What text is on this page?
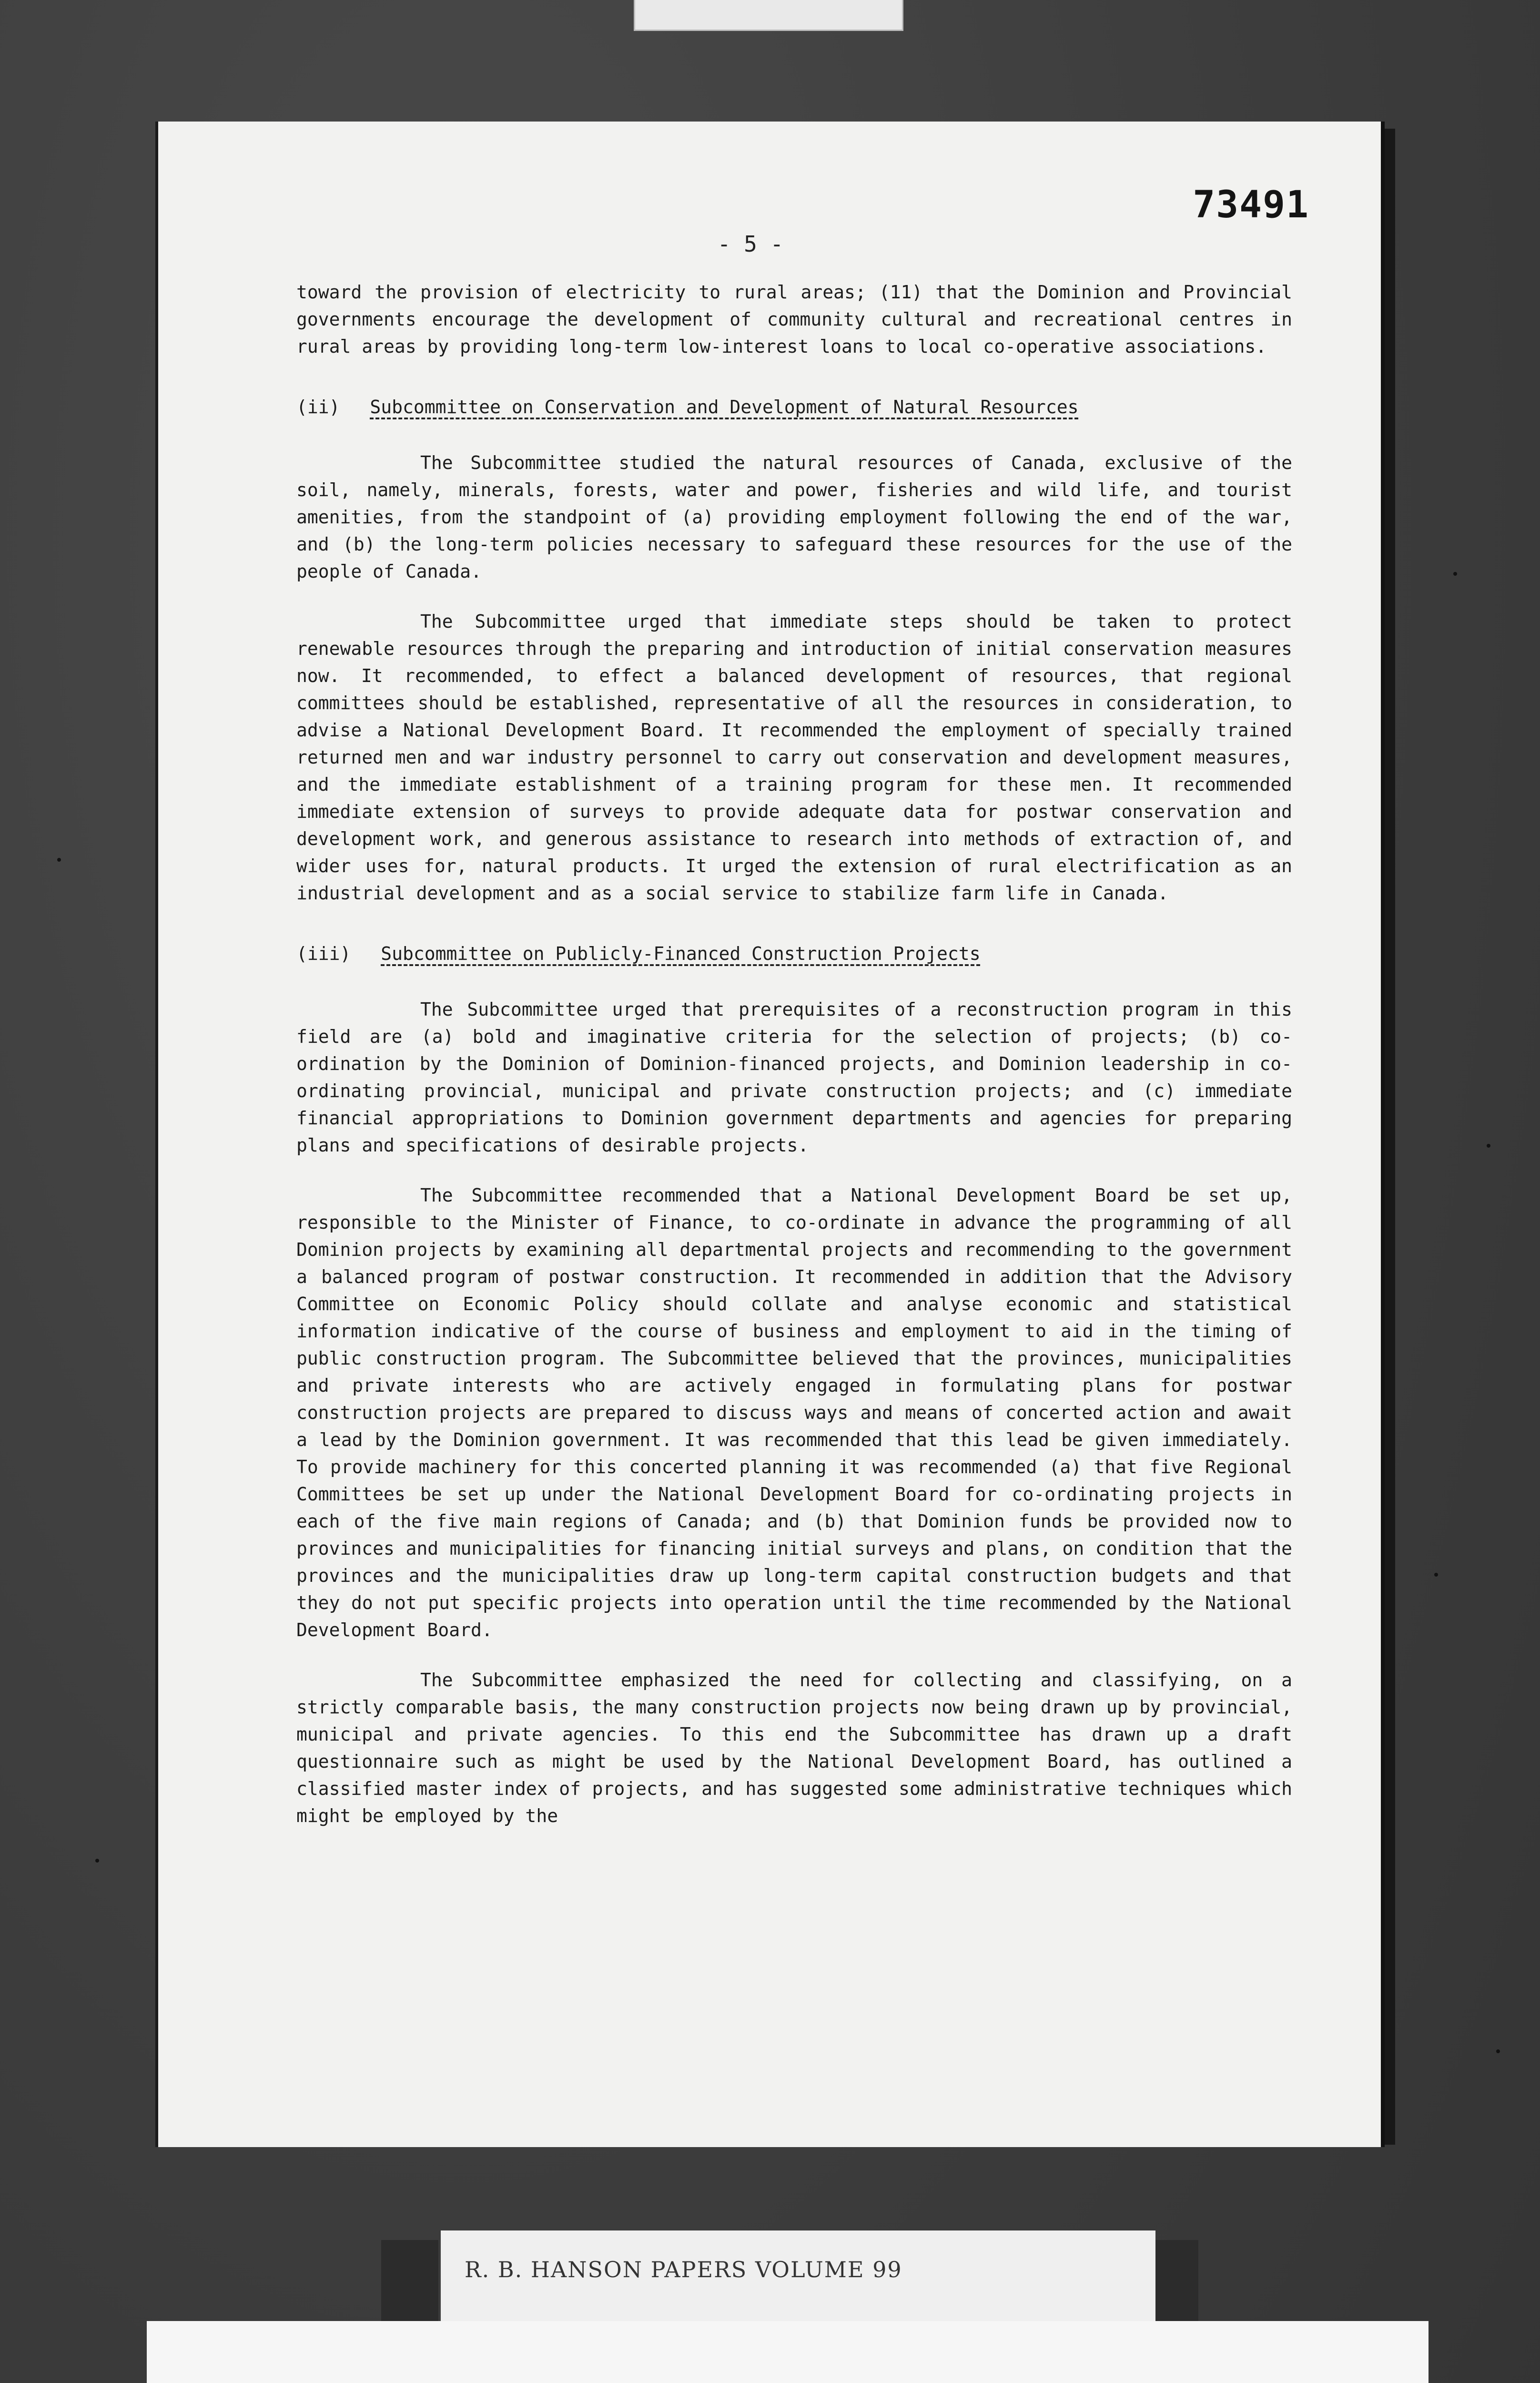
73491
- 5 -

toward the provision of electricity to rural areas; (11) that the Dominion and Provincial governments encourage the development of community cultural and recreational centres in rural areas by providing long-term low-interest loans to local co-operative associations.

(ii) Subcommittee on Conservation and Development of Natural Resources

The Subcommittee studied the natural resources of Canada, exclusive of the soil, namely, minerals, forests, water and power, fisheries and wild life, and tourist amenities, from the standpoint of (a) providing employment following the end of the war, and (b) the long-term policies necessary to safeguard these resources for the use of the people of Canada.

The Subcommittee urged that immediate steps should be taken to protect renewable resources through the preparing and introduction of initial conservation measures now. It recommended, to effect a balanced development of resources, that regional committees should be established, representative of all the resources in consideration, to advise a National Development Board. It recommended the employment of specially trained returned men and war industry personnel to carry out conservation and development measures, and the immediate establishment of a training program for these men. It recommended immediate extension of surveys to provide adequate data for postwar conservation and development work, and generous assistance to research into methods of extraction of, and wider uses for, natural products. It urged the extension of rural electrification as an industrial development and as a social service to stabilize farm life in Canada.

(iii) Subcommittee on Publicly-Financed Construction Projects

The Subcommittee urged that prerequisites of a reconstruction program in this field are (a) bold and imaginative criteria for the selection of projects; (b) co-ordination by the Dominion of Dominion-financed projects, and Dominion leadership in co-ordinating provincial, municipal and private construction projects; and (c) immediate financial appropriations to Dominion government departments and agencies for preparing plans and specifications of desirable projects.

The Subcommittee recommended that a National Development Board be set up, responsible to the Minister of Finance, to co-ordinate in advance the programming of all Dominion projects by examining all departmental projects and recommending to the government a balanced program of postwar construction. It recommended in addition that the Advisory Committee on Economic Policy should collate and analyse economic and statistical information indicative of the course of business and employment to aid in the timing of public construction program. The Subcommittee believed that the provinces, municipalities and private interests who are actively engaged in formulating plans for postwar construction projects are prepared to discuss ways and means of concerted action and await a lead by the Dominion government. It was recommended that this lead be given immediately. To provide machinery for this concerted planning it was recommended (a) that five Regional Committees be set up under the National Development Board for co-ordinating projects in each of the five main regions of Canada; and (b) that Dominion funds be provided now to provinces and municipalities for financing initial surveys and plans, on condition that the provinces and the municipalities draw up long-term capital construction budgets and that they do not put specific projects into operation until the time recommended by the National Development Board.

The Subcommittee emphasized the need for collecting and classifying, on a strictly comparable basis, the many construction projects now being drawn up by provincial, municipal and private agencies. To this end the Subcommittee has drawn up a draft questionnaire such as might be used by the National Development Board, has outlined a classified master index of projects, and has suggested some administrative techniques which might be employed by the

R. B. HANSON PAPERS VOLUME 99
